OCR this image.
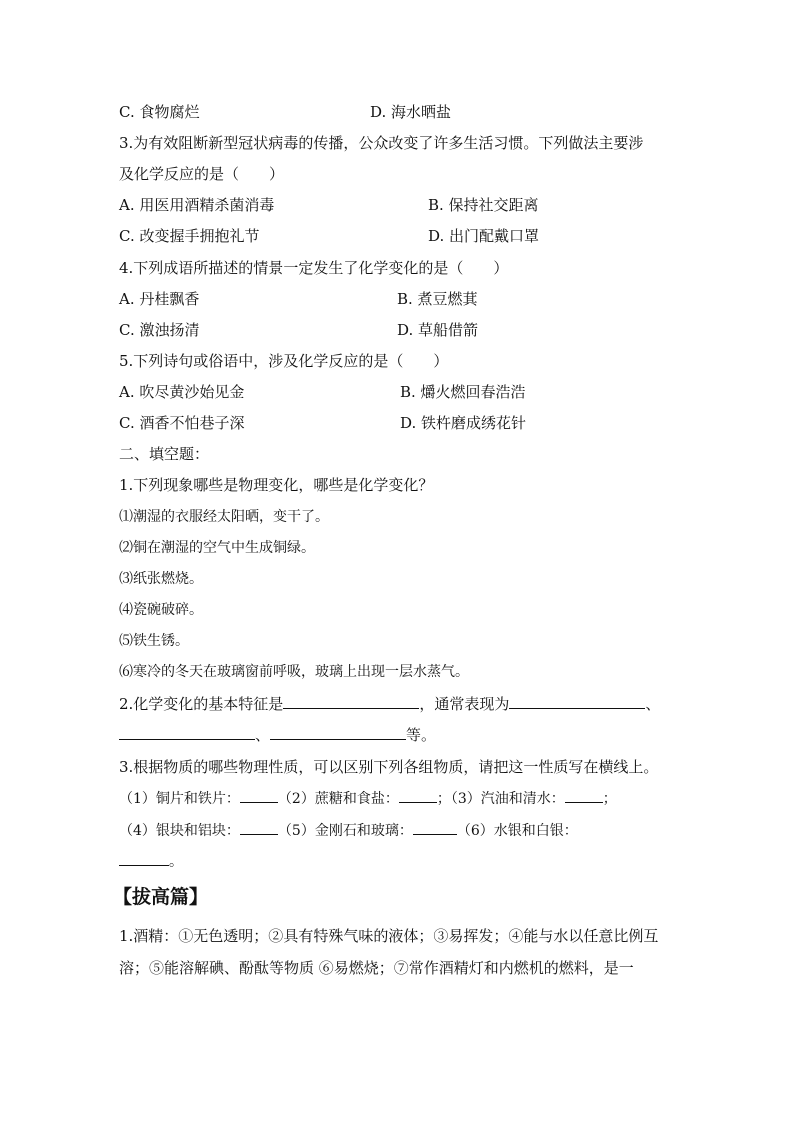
C. 食物腐烂	D. 海水晒盐
3.为有效阻断新型冠状病毒的传播，公众改变了许多生活习惯。下列做法主要涉
及化学反应的是（　　）
A. 用医用酒精杀菌消毒	B. 保持社交距离
C. 改变握手拥抱礼节	D. 出门配戴口罩
4.下列成语所描述的情景一定发生了化学变化的是（　　）
A. 丹桂飘香	B. 煮豆燃萁
C. 激浊扬清	D. 草船借箭
5.下列诗句或俗语中，涉及化学反应的是（　　）
A. 吹尽黄沙始见金	B. 爝火燃回春浩浩
C. 酒香不怕巷子深	D. 铁杵磨成绣花针
二、填空题：
1.下列现象哪些是物理变化，哪些是化学变化？
⑴潮湿的衣服经太阳晒，变干了。
⑵铜在潮湿的空气中生成铜绿。
⑶纸张燃烧。
⑷瓷碗破碎。
⑸铁生锈。
⑹寒冷的冬天在玻璃窗前呼吸，玻璃上出现一层水蒸气。
2.化学变化的基本特征是	，通常表现为	、
、	等。
3.根据物质的哪些物理性质，可以区别下列各组物质，请把这一性质写在横线上。
（1）铜片和铁片：	（2）蔗糖和食盐：	；（3）汽油和清水：	；
（4）银块和铝块：	（5）金刚石和玻璃：	（6）水银和白银：
。
【拔高篇】
1.酒精：①无色透明；②具有特殊气味的液体；③易挥发；④能与水以任意比例互
溶；⑤能溶解碘、酚酞等物质 ⑥易燃烧；⑦常作酒精灯和内燃机的燃料，是一
